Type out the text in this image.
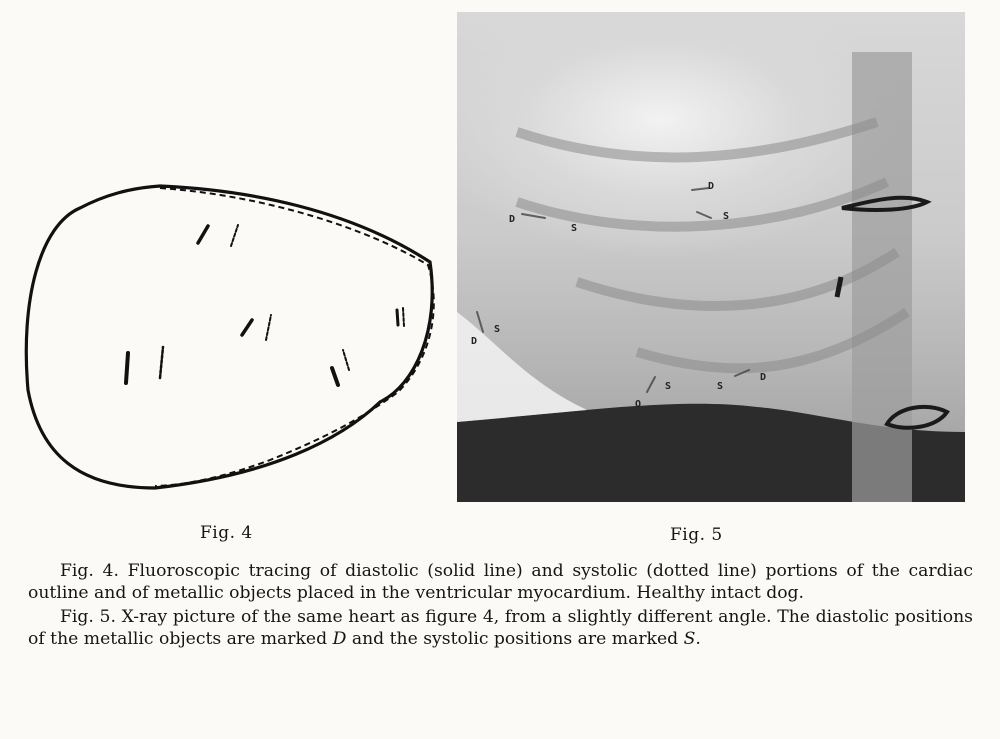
Fig. 4
D
S
D
S
D
S
O
S	S
D
Fig. 5

Fig. 4. Fluoroscopic tracing of diastolic (solid line) and systolic (dotted line) portions of the cardiac outline and of metallic objects placed in the ventricular myocardium. Healthy intact dog.

Fig. 5. X-ray picture of the same heart as figure 4, from a slightly different angle. The diastolic positions of the metallic objects are marked D and the systolic positions are marked S.
